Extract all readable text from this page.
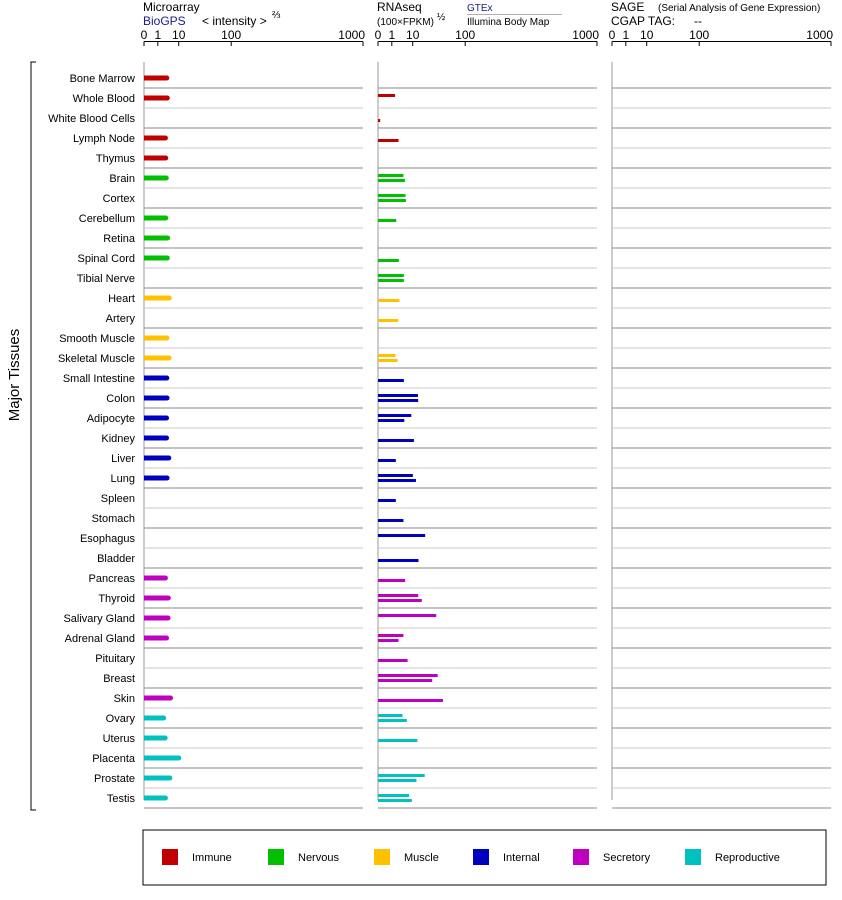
Microarray
BioGPS < intensity > ⅔
RNAseq
(100×FPKM) ½
GTEx
Illumina Body Map
SAGE (Serial Analysis of Gene Expression)
CGAP TAG: --
0 1 10	100	1000 0 1 10	100	1000 0 1 10	100	1000
Bone Marrow
Whole Blood
White Blood Cells
Lymph Node
Thymus
Brain
Cortex
Cerebellum
Retina
Spinal Cord
Tibial Nerve
Heart
Artery
Smooth Muscle
Skeletal Muscle
Small Intestine
Colon
Adipocyte
Kidney
Liver
Lung
Spleen
Stomach
Esophagus
Bladder
Pancreas
Thyroid
Salivary Gland
Adrenal Gland
Pituitary
Breast
Skin
Ovary
Uterus
Placenta
Prostate
Testis
Major Tissues
Immune	Nervous	Muscle	Internal	Secretory	Reproductive
